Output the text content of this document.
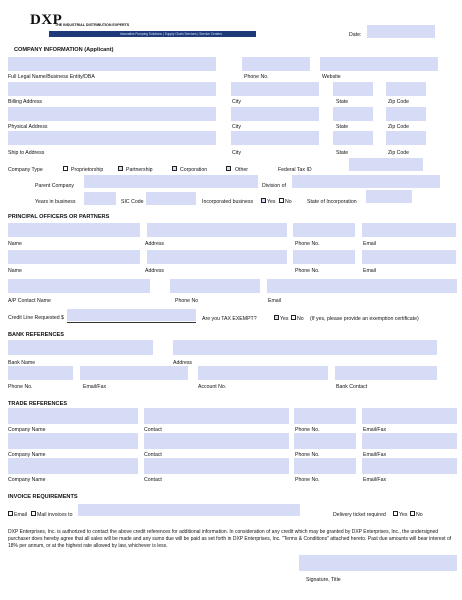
DXP
THE INDUSTRIAL DISTRIBUTION EXPERTS
Innovative Pumping Solutions | Supply Chain Services | Service Centers	Date:
COMPANY INFORMATION (Applicant)
Full Legal Name/Business Entity/DBA	Phone No.	Website
Billing Address	City	State	Zip Code
Physical Address	City	State	Zip Code
Ship to Address	City	State	Zip Code
Company Type	Proprietorship	Partnership	Corporation	Other	Federal Tax ID
Parent Company	Division of
Years in business	SIC Code	Incorporated business	Yes No	State of Incorporation
PRINCIPAL OFFICERS OR PARTNERS
Name	Address	Phone No.	Email
Name	Address	Phone No.	Email
A/P Contact Name	Phone No	Email
Credit Line Requested $	Are you TAX EXEMPT?	Yes No (If yes, please provide an exemption certificate)
BANK REFERENCES
Bank Name	Address
Phone No.	Email/Fax	Account No.	Bank Contact
TRADE REFERENCES
Company Name	Contact	Phone No.	Email/Fax
Company Name	Contact	Phone No.	Email/Fax
Company Name	Contact	Phone No.	Email/Fax
INVOICE REQUIREMENTS
Email Mail invoices to	Delivery ticket required	Yes No
DXP Enterprises, Inc. is authorized to contact the above credit references for additional information. In consideration of any credit which may be granted by DXP Enterprises, Inc., the undersigned purchaser does hereby agree that all sales will be made and any sums due will be paid as set forth in DXP Enterprises, Inc. "Terms & Conditions" attached hereto. Past due amounts will bear interest of 18% per annum, or at the highest rate allowed by law, whichever is less.
Signature, Title
